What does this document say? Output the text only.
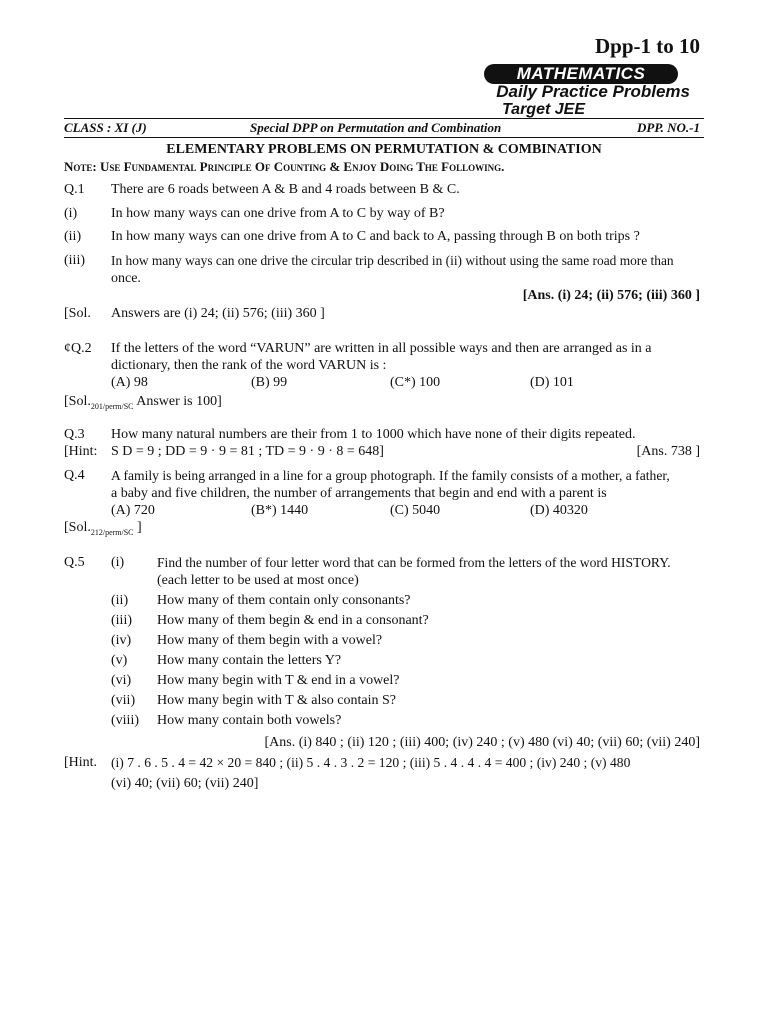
Dpp-1 to 10
MATHEMATICS
Daily Practice Problems
Target JEE
CLASS : XI (J)	Special DPP on Permutation and Combination	DPP. NO.-1
ELEMENTARY PROBLEMS ON PERMUTATION & COMBINATION
Note: Use Fundamental Principle Of Counting & Enjoy Doing The Following.
Q.1 There are 6 roads between A & B and 4 roads between B & C.
(i) In how many ways can one drive from A to C by way of B?
(ii) In how many ways can one drive from A to C and back to A, passing through B on both trips ?
(iii) In how many ways can one drive the circular trip described in (ii) without using the same road more than
once.
[Ans. (i) 24; (ii) 576; (iii) 360 ]
[Sol. Answers are (i) 24; (ii) 576; (iii) 360 ]
¢Q.2 If the letters of the word “VARUN” are written in all possible ways and then are arranged as in a
dictionary, then the rank of the word VARUN is :
(A) 98	(B) 99	(C*) 100	(D) 101
[$Sol._{201/perm/SC}$ Answer is 100]
Q.3 How many natural numbers are their from 1 to 1000 which have none of their digits repeated.
[Hint: S D = 9 ; DD = 9 · 9 = 81 ; TD = 9 · 9 · 8 = 648]	[Ans. 738 ]
Q.4 A family is being arranged in a line for a group photograph. If the family consists of a mother, a father,
a baby and five children, the number of arrangements that begin and end with a parent is
(A) 720	(B*) 1440	(C) 5040	(D) 40320
[$Sol._{212/perm/SC}$ ]
Q.5 (i) Find the number of four letter word that can be formed from the letters of the word HISTORY.
(each letter to be used at most once)
(ii) How many of them contain only consonants?
(iii) How many of them begin & end in a consonant?
(iv) How many of them begin with a vowel?
(v) How many contain the letters Y?
(vi) How many begin with T & end in a vowel?
(vii) How many begin with T & also contain S?
(viii) How many contain both vowels?
[Ans. (i) 840 ; (ii) 120 ; (iii) 400; (iv) 240 ; (v) 480 (vi) 40; (vii) 60; (vii) 240]
[Hint. (i) 7 . 6 . 5 . 4 = 42 × 20 = 840 ; (ii) 5 . 4 . 3 . 2 = 120 ; (iii) 5 . 4 . 4 . 4 = 400 ; (iv) 240 ; (v) 480
(vi) 40; (vii) 60; (vii) 240]
